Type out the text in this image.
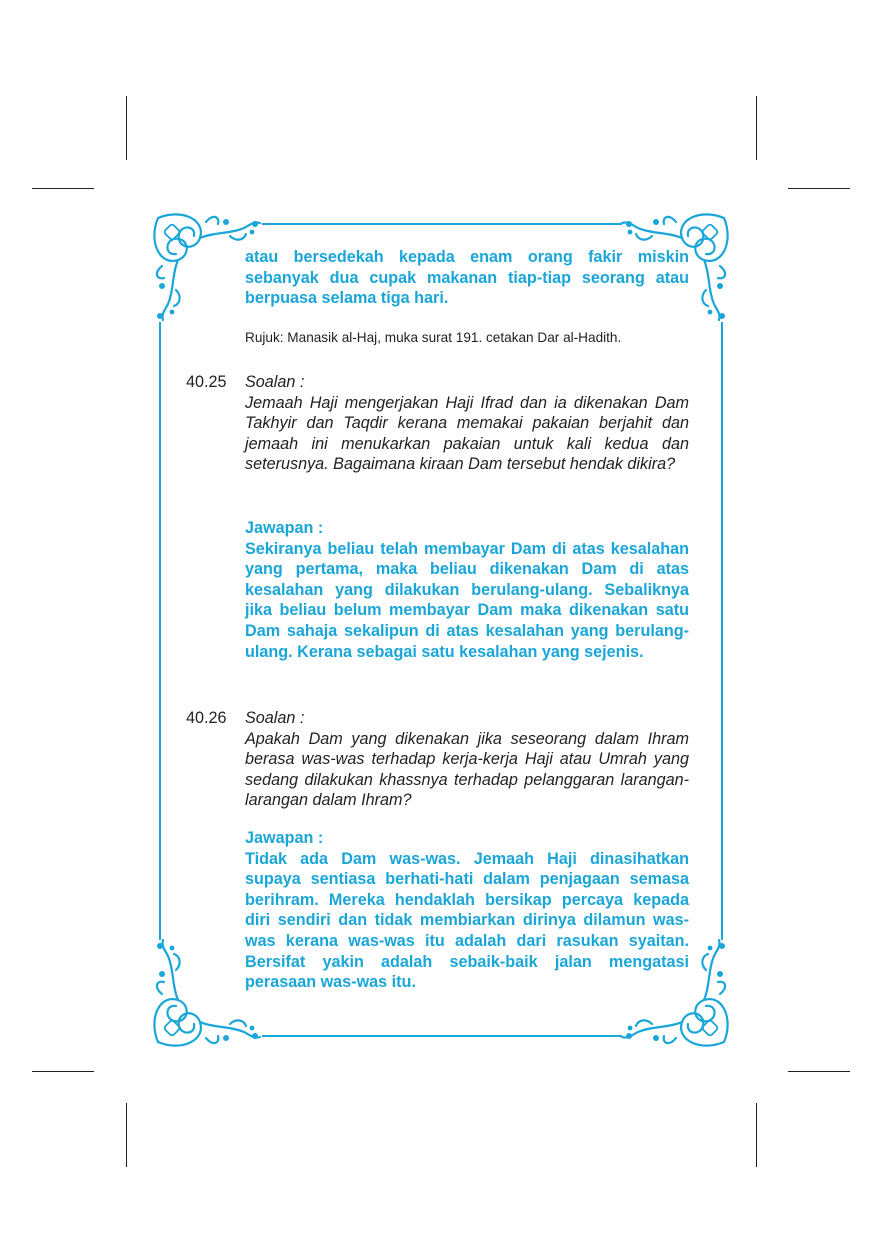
atau bersedekah kepada enam orang fakir miskin sebanyak dua cupak makanan tiap-tiap seorang atau berpuasa selama tiga hari.
Rujuk: Manasik al-Haj, muka surat 191. cetakan Dar al-Hadith.
40.25 Soalan :
Jemaah Haji mengerjakan Haji Ifrad dan ia dikenakan Dam Takhyir dan Taqdir kerana memakai pakaian berjahit dan jemaah ini menukarkan pakaian untuk kali kedua dan seterusnya. Bagaimana kiraan Dam tersebut hendak dikira?
Jawapan :
Sekiranya beliau telah membayar Dam di atas kesalahan yang pertama, maka beliau dikenakan Dam di atas kesalahan yang dilakukan berulang-ulang. Sebaliknya jika beliau belum membayar Dam maka dikenakan satu Dam sahaja sekalipun di atas kesalahan yang berulang-ulang. Kerana sebagai satu kesalahan yang sejenis.
40.26 Soalan :
Apakah Dam yang dikenakan jika seseorang dalam Ihram berasa was-was terhadap kerja-kerja Haji atau Umrah yang sedang dilakukan khassnya terhadap pelanggaran larangan-larangan dalam Ihram?
Jawapan :
Tidak ada Dam was-was. Jemaah Haji dinasihatkan supaya sentiasa berhati-hati dalam penjagaan semasa berihram. Mereka hendaklah bersikap percaya kepada diri sendiri dan tidak membiarkan dirinya dilamun was-was kerana was-was itu adalah dari rasukan syaitan. Bersifat yakin adalah sebaik-baik jalan mengatasi perasaan was-was itu.
